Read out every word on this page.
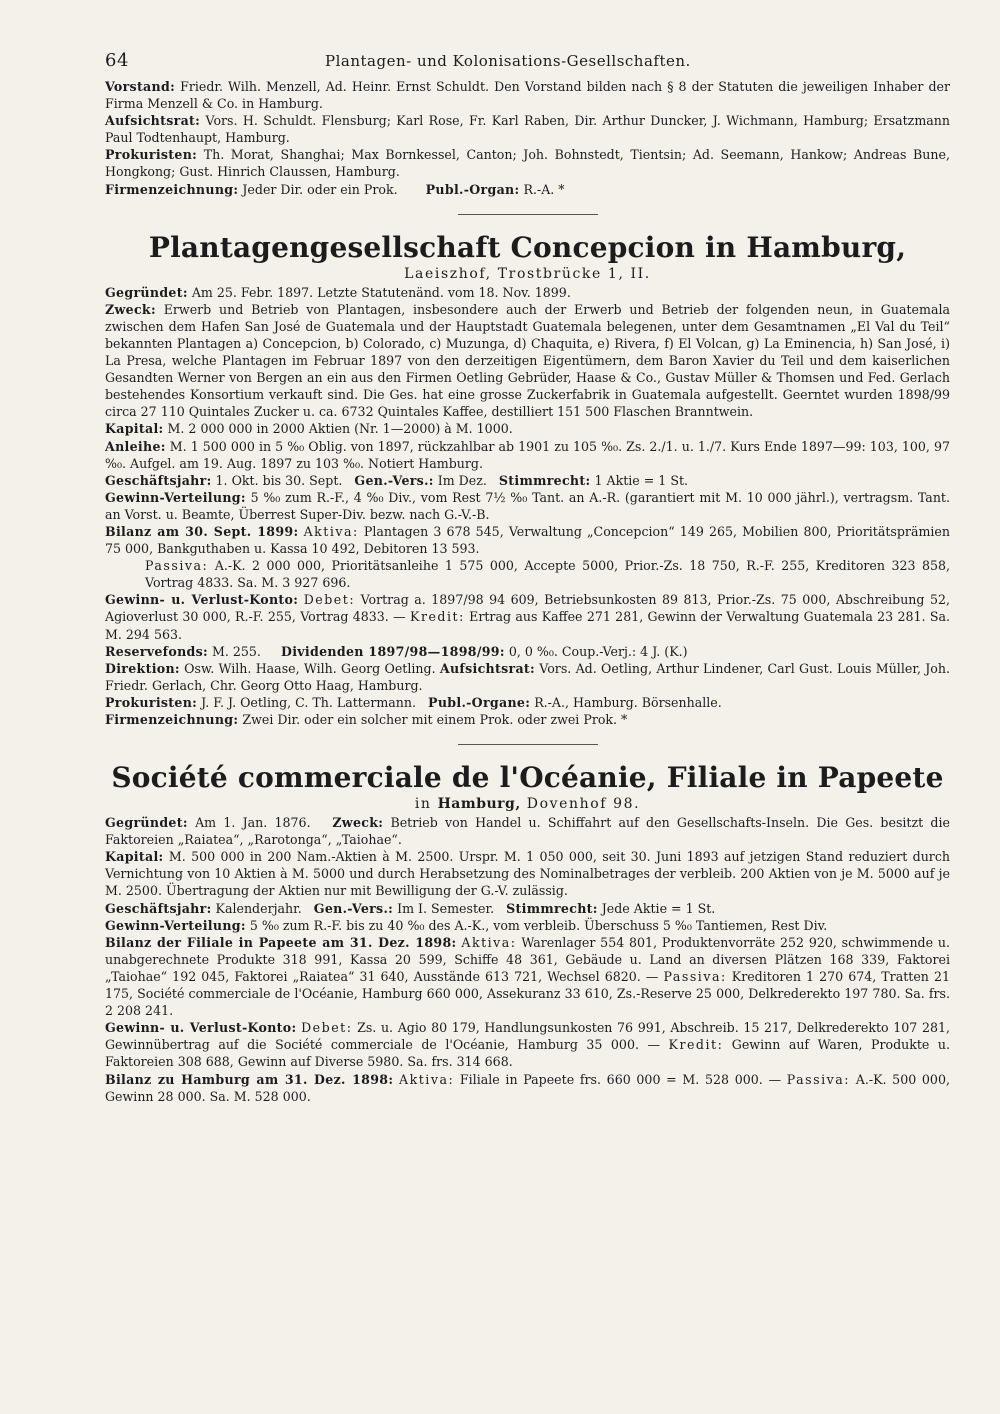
64	Plantagen- und Kolonisations-Gesellschaften.

Vorstand: Friedr. Wilh. Menzell, Ad. Heinr. Ernst Schuldt. Den Vorstand bilden nach § 8 der Statuten die jeweiligen Inhaber der Firma Menzell & Co. in Hamburg.

Aufsichtsrat: Vors. H. Schuldt. Flensburg; Karl Rose, Fr. Karl Raben, Dir. Arthur Duncker, J. Wichmann, Hamburg; Ersatzmann Paul Todtenhaupt, Hamburg.

Prokuristen: Th. Morat, Shanghai; Max Bornkessel, Canton; Joh. Bohnstedt, Tientsin; Ad. Seemann, Hankow; Andreas Bune, Hongkong; Gust. Hinrich Claussen, Hamburg.

Firmenzeichnung: Jeder Dir. oder ein Prok. Publ.-Organ: R.-A. *

Plantagengesellschaft Concepcion in Hamburg,
Laeiszhof, Trostbrücke 1, II.

Gegründet: Am 25. Febr. 1897. Letzte Statutenänd. vom 18. Nov. 1899.

Zweck: Erwerb und Betrieb von Plantagen, insbesondere auch der Erwerb und Betrieb der folgenden neun, in Guatemala zwischen dem Hafen San José de Guatemala und der Hauptstadt Guatemala belegenen, unter dem Gesamtnamen „El Val du Teil“ bekannten Plantagen a) Concepcion, b) Colorado, c) Muzunga, d) Chaquita, e) Rivera, f) El Volcan, g) La Eminencia, h) San José, i) La Presa, welche Plantagen im Februar 1897 von den derzeitigen Eigentümern, dem Baron Xavier du Teil und dem kaiserlichen Gesandten Werner von Bergen an ein aus den Firmen Oetling Gebrüder, Haase & Co., Gustav Müller & Thomsen und Fed. Gerlach bestehendes Konsortium verkauft sind. Die Ges. hat eine grosse Zuckerfabrik in Guatemala aufgestellt. Geerntet wurden 1898/99 circa 27 110 Quintales Zucker u. ca. 6732 Quintales Kaffee, destilliert 151 500 Flaschen Branntwein.

Kapital: M. 2 000 000 in 2000 Aktien (Nr. 1—2000) à M. 1000.

Anleihe: M. 1 500 000 in 5 %₀ Oblig. von 1897, rückzahlbar ab 1901 zu 105 %₀. Zs. 2./1. u. 1./7. Kurs Ende 1897—99: 103, 100, 97 %₀. Aufgel. am 19. Aug. 1897 zu 103 %₀. Notiert Hamburg.

Geschäftsjahr: 1. Okt. bis 30. Sept. Gen.-Vers.: Im Dez. Stimmrecht: 1 Aktie = 1 St.

Gewinn-Verteilung: 5 %₀ zum R.-F., 4 %₀ Div., vom Rest 7½ %₀ Tant. an A.-R. (garantiert mit M. 10 000 jährl.), vertragsm. Tant. an Vorst. u. Beamte, Überrest Super-Div. bezw. nach G.-V.-B.

Bilanz am 30. Sept. 1899: Aktiva: Plantagen 3 678 545, Verwaltung „Concepcion“ 149 265, Mobilien 800, Prioritätsprämien 75 000, Bankguthaben u. Kassa 10 492, Debitoren 13 593.

Passiva: A.-K. 2 000 000, Prioritätsanleihe 1 575 000, Accepte 5000, Prior.-Zs. 18 750, R.-F. 255, Kreditoren 323 858, Vortrag 4833. Sa. M. 3 927 696.

Gewinn- u. Verlust-Konto: Debet: Vortrag a. 1897/98 94 609, Betriebsunkosten 89 813, Prior.-Zs. 75 000, Abschreibung 52, Agioverlust 30 000, R.-F. 255, Vortrag 4833. — Kredit: Ertrag aus Kaffee 271 281, Gewinn der Verwaltung Guatemala 23 281. Sa. M. 294 563.

Reservefonds: M. 255. Dividenden 1897/98—1898/99: 0, 0 %₀. Coup.-Verj.: 4 J. (K.)

Direktion: Osw. Wilh. Haase, Wilh. Georg Oetling. Aufsichtsrat: Vors. Ad. Oetling, Arthur Lindener, Carl Gust. Louis Müller, Joh. Friedr. Gerlach, Chr. Georg Otto Haag, Hamburg.

Prokuristen: J. F. J. Oetling, C. Th. Lattermann. Publ.-Organe: R.-A., Hamburg. Börsenhalle.

Firmenzeichnung: Zwei Dir. oder ein solcher mit einem Prok. oder zwei Prok. *

Société commerciale de l'Océanie, Filiale in Papeete
in Hamburg, Dovenhof 98.

Gegründet: Am 1. Jan. 1876. Zweck: Betrieb von Handel u. Schiffahrt auf den Gesellschafts-Inseln. Die Ges. besitzt die Faktoreien „Raiatea“, „Rarotonga“, „Taiohae“.

Kapital: M. 500 000 in 200 Nam.-Aktien à M. 2500. Urspr. M. 1 050 000, seit 30. Juni 1893 auf jetzigen Stand reduziert durch Vernichtung von 10 Aktien à M. 5000 und durch Herabsetzung des Nominalbetrages der verbleib. 200 Aktien von je M. 5000 auf je M. 2500. Übertragung der Aktien nur mit Bewilligung der G.-V. zulässig.

Geschäftsjahr: Kalenderjahr. Gen.-Vers.: Im I. Semester. Stimmrecht: Jede Aktie = 1 St.

Gewinn-Verteilung: 5 %₀ zum R.-F. bis zu 40 %₀ des A.-K., vom verbleib. Überschuss 5 %₀ Tantiemen, Rest Div.

Bilanz der Filiale in Papeete am 31. Dez. 1898: Aktiva: Warenlager 554 801, Produktenvorräte 252 920, schwimmende u. unabgerechnete Produkte 318 991, Kassa 20 599, Schiffe 48 361, Gebäude u. Land an diversen Plätzen 168 339, Faktorei „Taiohae“ 192 045, Faktorei „Raiatea“ 31 640, Ausstände 613 721, Wechsel 6820. — Passiva: Kreditoren 1 270 674, Tratten 21 175, Société commerciale de l'Océanie, Hamburg 660 000, Assekuranz 33 610, Zs.-Reserve 25 000, Delkrederekto 197 780. Sa. frs. 2 208 241.

Gewinn- u. Verlust-Konto: Debet: Zs. u. Agio 80 179, Handlungsunkosten 76 991, Abschreib. 15 217, Delkrederekto 107 281, Gewinnübertrag auf die Société commerciale de l'Océanie, Hamburg 35 000. — Kredit: Gewinn auf Waren, Produkte u. Faktoreien 308 688, Gewinn auf Diverse 5980. Sa. frs. 314 668.

Bilanz zu Hamburg am 31. Dez. 1898: Aktiva: Filiale in Papeete frs. 660 000 = M. 528 000. — Passiva: A.-K. 500 000, Gewinn 28 000. Sa. M. 528 000.
